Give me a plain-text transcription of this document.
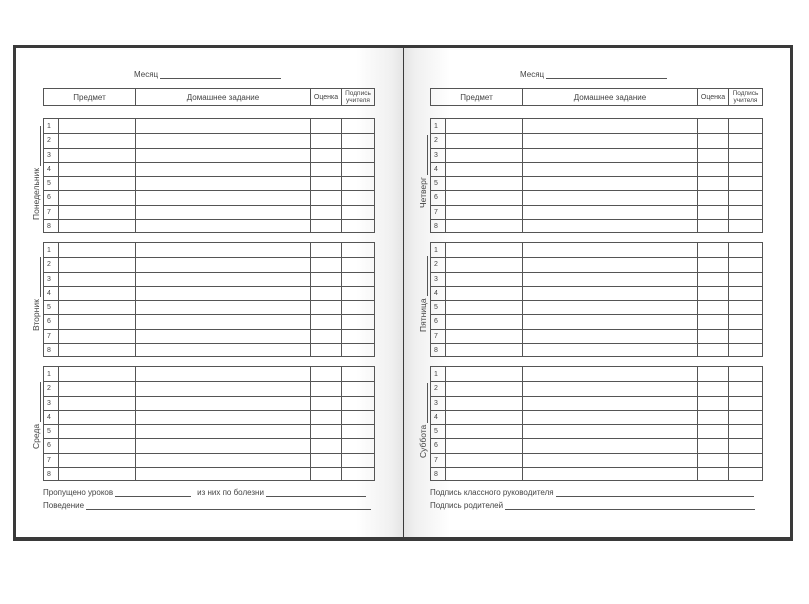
Месяц
Предмет	Домашнее задание	Оценка	Подпись
учителя
1
2
3
4
5
6
7
8
Понедельник
1
2
3
4
5
6
7
8
Вторник
1
2
3
4
5
6
7
8
Среда
Пропущено уроков	из них по болезни
Поведение
Месяц
Предмет	Домашнее задание	Оценка	Подпись
учителя
1
2
3
4
5
6
7
8
Четверг
1
2
3
4
5
6
7
8
Пятница
1
2
3
4
5
6
7
8
Суббота
Подпись классного руководителя
Подпись родителей
